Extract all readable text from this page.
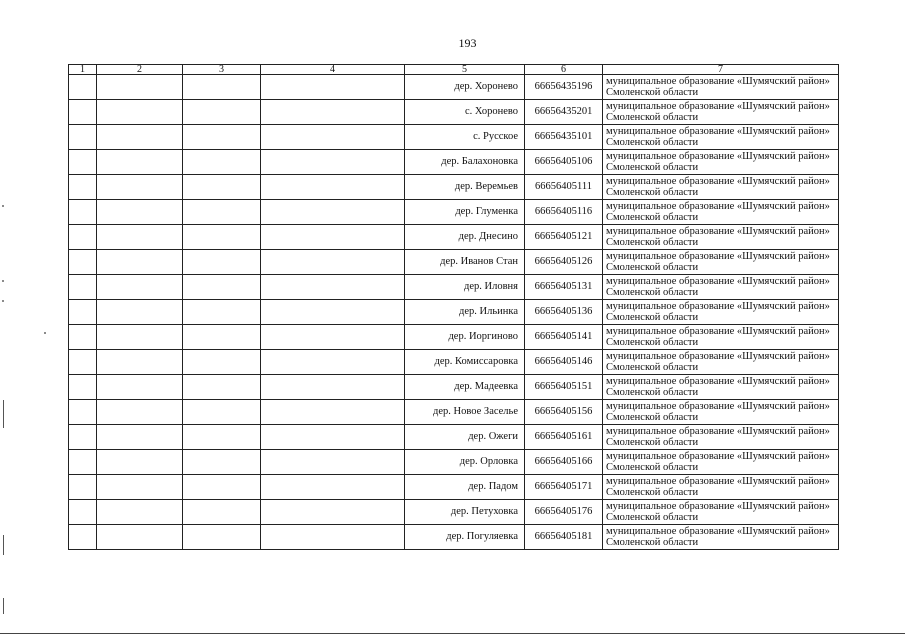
193
1	2	3	4	5	6	7
				дер. Хоронево	66656435196	муниципальное образование «Шумячский район» Смоленской области
				с. Хоронево	66656435201	муниципальное образование «Шумячский район» Смоленской области
				с. Русское	66656435101	муниципальное образование «Шумячский район» Смоленской области
				дер. Балахоновка	66656405106	муниципальное образование «Шумячский район» Смоленской области
				дер. Веремьев	66656405111	муниципальное образование «Шумячский район» Смоленской области
				дер. Глуменка	66656405116	муниципальное образование «Шумячский район» Смоленской области
				дер. Днесино	66656405121	муниципальное образование «Шумячский район» Смоленской области
				дер. Иванов Стан	66656405126	муниципальное образование «Шумячский район» Смоленской области
				дер. Иловня	66656405131	муниципальное образование «Шумячский район» Смоленской области
				дер. Ильинка	66656405136	муниципальное образование «Шумячский район» Смоленской области
				дер. Иоргиново	66656405141	муниципальное образование «Шумячский район» Смоленской области
				дер. Комиссаровка	66656405146	муниципальное образование «Шумячский район» Смоленской области
				дер. Мадеевка	66656405151	муниципальное образование «Шумячский район» Смоленской области
				дер. Новое Заселье	66656405156	муниципальное образование «Шумячский район» Смоленской области
				дер. Ожеги	66656405161	муниципальное образование «Шумячский район» Смоленской области
				дер. Орловка	66656405166	муниципальное образование «Шумячский район» Смоленской области
				дер. Падом	66656405171	муниципальное образование «Шумячский район» Смоленской области
				дер. Петуховка	66656405176	муниципальное образование «Шумячский район» Смоленской области
				дер. Погуляевка	66656405181	муниципальное образование «Шумячский район» Смоленской области
